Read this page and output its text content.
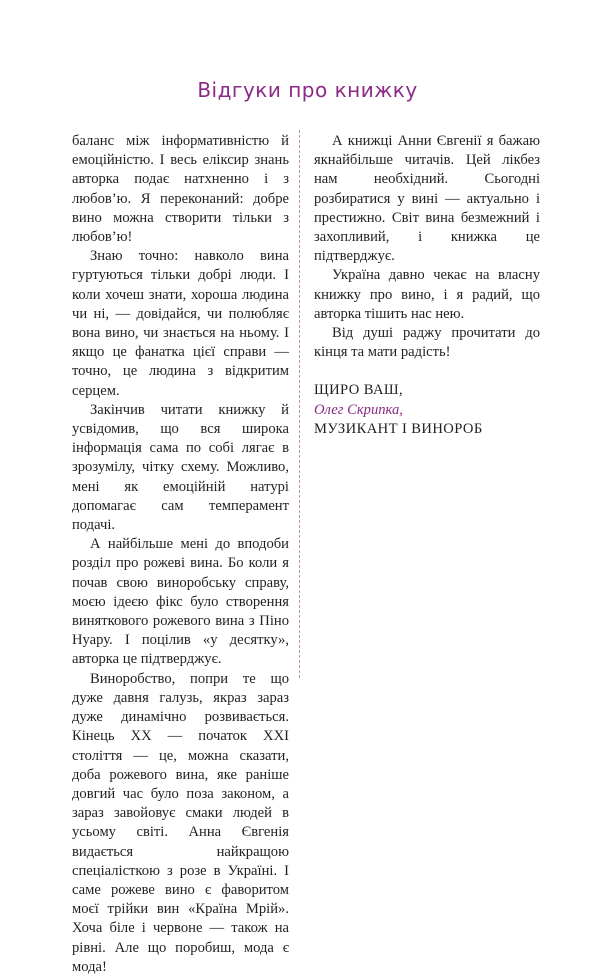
Відгуки про книжку

баланс між інформативністю й емоційністю. І весь еліксир знань авторка подає натхненно і з любов’ю. Я переконаний: добре вино можна створити тільки з любов’ю!

Знаю точно: навколо вина гуртуються тільки добрі люди. І коли хочеш знати, хороша людина чи ні, — довідайся, чи полюбляє вона вино, чи знається на ньому. І якщо це фанатка цієї справи — точно, це людина з відкритим серцем.

Закінчив читати книжку й усвідомив, що вся широка інформація сама по собі лягає в зрозумілу, чітку схему. Можливо, мені як емоційній натурі допомагає сам темперамент подачі.

А найбільше мені до вподоби розділ про рожеві вина. Бо коли я почав свою виноробську справу, моєю ідеєю фікс було створення виняткового рожевого вина з Піно Нуару. І поцілив «у десятку», авторка це підтверджує.

Виноробство, попри те що дуже давня галузь, якраз зараз дуже динамічно розвивається. Кінець XX — початок XXI століття — це, можна сказати, доба рожевого вина, яке раніше довгий час було поза законом, а зараз завойовує смаки людей в усьому світі. Анна Євгенія видається найкращою спеціалісткою з розе в Україні. І саме рожеве вино є фаворитом моєї трійки вин «Країна Мрій». Хоча біле і червоне — також на рівні. Але що поробиш, мода є мода!

А книжці Анни Євгенії я бажаю якнайбільше читачів. Цей лікбез нам необхідний. Сьогодні розбиратися у вині — актуально і престижно. Світ вина безмежний і захопливий, і книжка це підтверджує.

Україна давно чекає на власну книжку про вино, і я радий, що авторка тішить нас нею.

Від душі раджу прочитати до кінця та мати радість!

ЩИРО ВАШ,
Олег Скрипка,
МУЗИКАНТ І ВИНОРОБ
